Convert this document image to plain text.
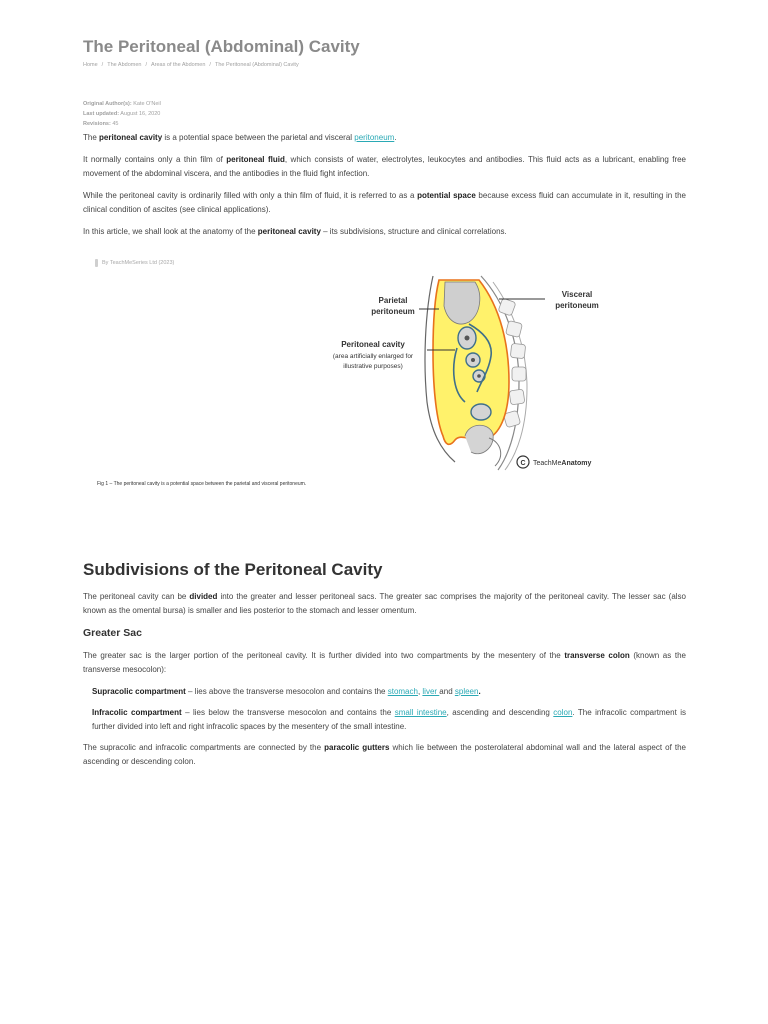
The Peritoneal (Abdominal) Cavity
Home / The Abdomen / Areas of the Abdomen / The Peritoneal (Abdominal) Cavity
Original Author(s): Kate O'Neil
Last updated: August 16, 2020
Revisions: 45

The peritoneal cavity is a potential space between the parietal and visceral peritoneum.

It normally contains only a thin film of peritoneal fluid, which consists of water, electrolytes, leukocytes and antibodies. This fluid acts as a lubricant, enabling free movement of the abdominal viscera, and the antibodies in the fluid fight infection.

While the peritoneal cavity is ordinarily filled with only a thin film of fluid, it is referred to as a potential space because excess fluid can accumulate in it, resulting in the clinical condition of ascites (see clinical applications).

In this article, we shall look at the anatomy of the peritoneal cavity – its subdivisions, structure and clinical correlations.

By TeachMeSeries Ltd (2023)
Parietal
peritoneum
Visceral
peritoneum
Peritoneal cavity
(area artificially enlarged for
illustrative purposes)
C TeachMeAnatomy
Fig 1 – The peritoneal cavity is a potential space between the parietal and visceral peritoneum.
Subdivisions of the Peritoneal Cavity

The peritoneal cavity can be divided into the greater and lesser peritoneal sacs. The greater sac comprises the majority of the peritoneal cavity. The lesser sac (also known as the omental bursa) is smaller and lies posterior to the stomach and lesser omentum.

Greater Sac

The greater sac is the larger portion of the peritoneal cavity. It is further divided into two compartments by the mesentery of the transverse colon (known as the transverse mesocolon):

Supracolic compartment – lies above the transverse mesocolon and contains the stomach, liver and spleen.

Infracolic compartment – lies below the transverse mesocolon and contains the small intestine, ascending and descending colon. The infracolic compartment is further divided into left and right infracolic spaces by the mesentery of the small intestine.

The supracolic and infracolic compartments are connected by the paracolic gutters which lie between the posterolateral abdominal wall and the lateral aspect of the ascending or descending colon.
